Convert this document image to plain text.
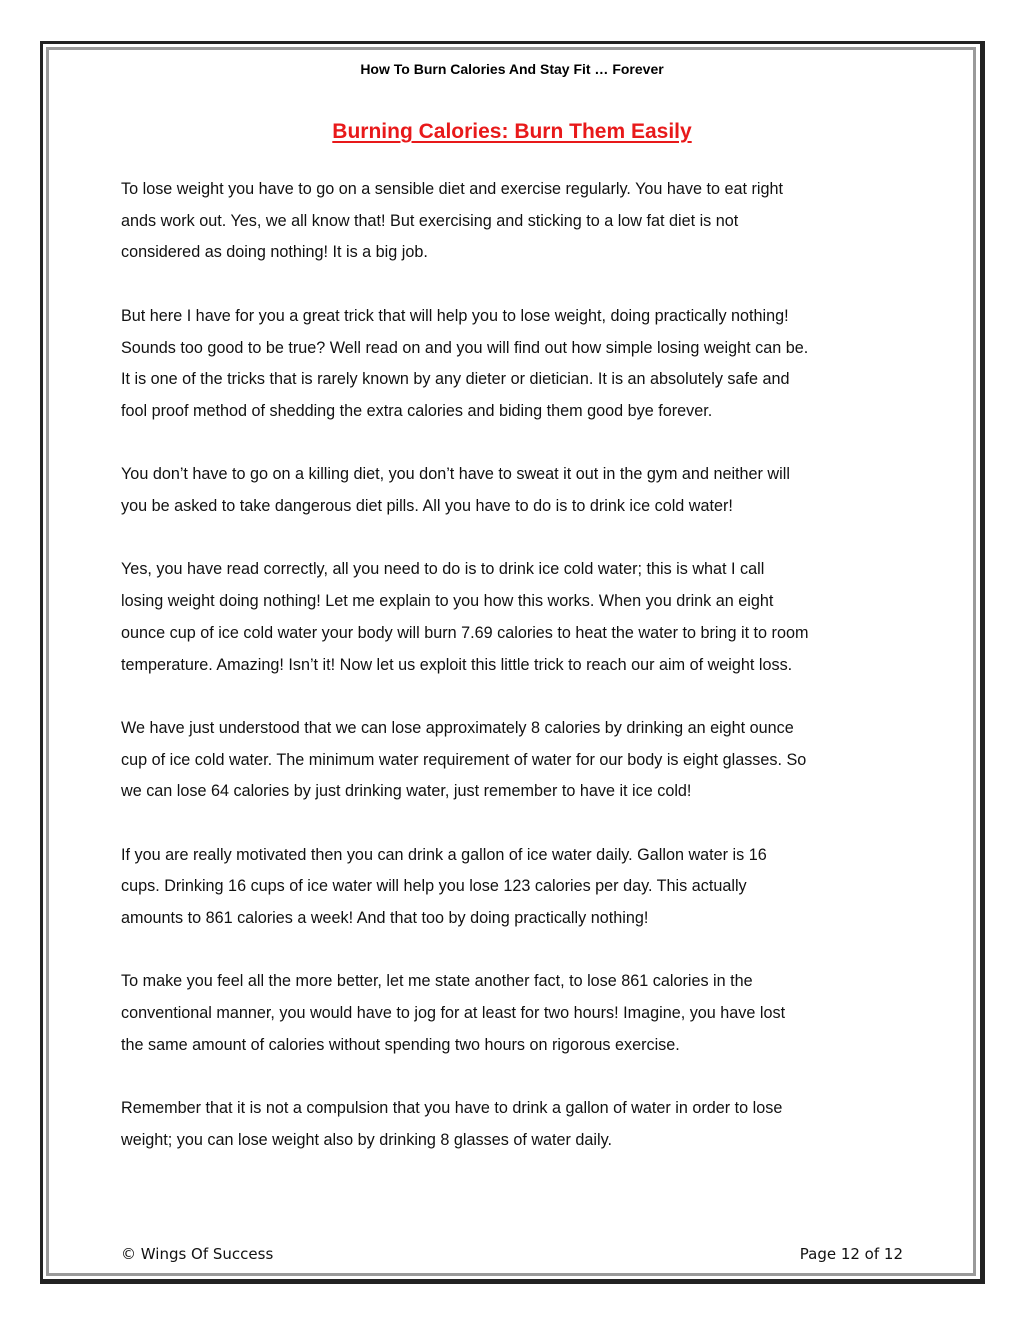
How To Burn Calories And Stay Fit … Forever
Burning Calories: Burn Them Easily

To lose weight you have to go on a sensible diet and exercise regularly. You have to eat right
ands work out. Yes, we all know that! But exercising and sticking to a low fat diet is not
considered as doing nothing! It is a big job.

But here I have for you a great trick that will help you to lose weight, doing practically nothing!
Sounds too good to be true? Well read on and you will find out how simple losing weight can be.
It is one of the tricks that is rarely known by any dieter or dietician. It is an absolutely safe and
fool proof method of shedding the extra calories and biding them good bye forever.

You don’t have to go on a killing diet, you don’t have to sweat it out in the gym and neither will
you be asked to take dangerous diet pills. All you have to do is to drink ice cold water!

Yes, you have read correctly, all you need to do is to drink ice cold water; this is what I call
losing weight doing nothing! Let me explain to you how this works. When you drink an eight
ounce cup of ice cold water your body will burn 7.69 calories to heat the water to bring it to room
temperature. Amazing! Isn’t it! Now let us exploit this little trick to reach our aim of weight loss.

We have just understood that we can lose approximately 8 calories by drinking an eight ounce
cup of ice cold water. The minimum water requirement of water for our body is eight glasses. So
we can lose 64 calories by just drinking water, just remember to have it ice cold!

If you are really motivated then you can drink a gallon of ice water daily. Gallon water is 16
cups. Drinking 16 cups of ice water will help you lose 123 calories per day. This actually
amounts to 861 calories a week! And that too by doing practically nothing!

To make you feel all the more better, let me state another fact, to lose 861 calories in the
conventional manner, you would have to jog for at least for two hours! Imagine, you have lost
the same amount of calories without spending two hours on rigorous exercise.

Remember that it is not a compulsion that you have to drink a gallon of water in order to lose
weight; you can lose weight also by drinking 8 glasses of water daily.

© Wings Of Success	Page 12 of 12
